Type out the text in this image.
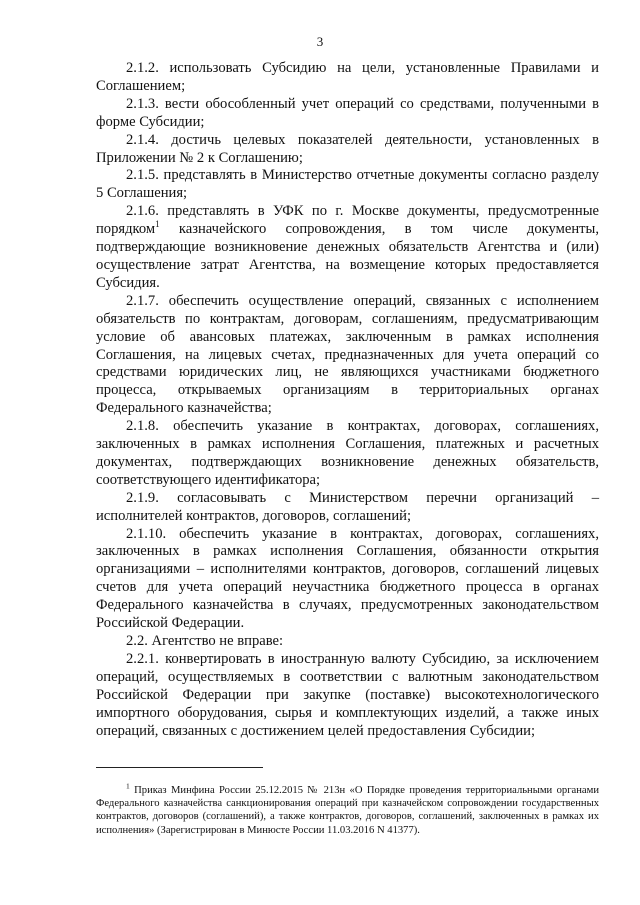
3

2.1.2. использовать Субсидию на цели, установленные Правилами и Соглашением;

2.1.3. вести обособленный учет операций со средствами, полученными в форме Субсидии;

2.1.4. достичь целевых показателей деятельности, установленных в Приложении № 2 к Соглашению;

2.1.5. представлять в Министерство отчетные документы согласно разделу 5 Соглашения;

2.1.6. представлять в УФК по г. Москве документы, предусмотренные порядком$^1$ казначейского сопровождения, в том числе документы, подтверждающие возникновение денежных обязательств Агентства и (или) осуществление затрат Агентства, на возмещение которых предоставляется Субсидия.

2.1.7. обеспечить осуществление операций, связанных с исполнением обязательств по контрактам, договорам, соглашениям, предусматривающим условие об авансовых платежах, заключенным в рамках исполнения Соглашения, на лицевых счетах, предназначенных для учета операций со средствами юридических лиц, не являющихся участниками бюджетного процесса, открываемых организациям в территориальных органах Федерального казначейства;

2.1.8. обеспечить указание в контрактах, договорах, соглашениях, заключенных в рамках исполнения Соглашения, платежных и расчетных документах, подтверждающих возникновение денежных обязательств, соответствующего идентификатора;

2.1.9. согласовывать с Министерством перечни организаций – исполнителей контрактов, договоров, соглашений;

2.1.10. обеспечить указание в контрактах, договорах, соглашениях, заключенных в рамках исполнения Соглашения, обязанности открытия организациями – исполнителями контрактов, договоров, соглашений лицевых счетов для учета операций неучастника бюджетного процесса в органах Федерального казначейства в случаях, предусмотренных законодательством Российской Федерации.

2.2. Агентство не вправе:

2.2.1. конвертировать в иностранную валюту Субсидию, за исключением операций, осуществляемых в соответствии с валютным законодательством Российской Федерации при закупке (поставке) высокотехнологического импортного оборудования, сырья и комплектующих изделий, а также иных операций, связанных с достижением целей предоставления Субсидии;

$^1$ Приказ Минфина России 25.12.2015 № 213н «О Порядке проведения территориальными органами Федерального казначейства санкционирования операций при казначейском сопровождении государственных контрактов, договоров (соглашений), а также контрактов, договоров, соглашений, заключенных в рамках их исполнения» (Зарегистрирован в Минюсте России 11.03.2016 N 41377).
